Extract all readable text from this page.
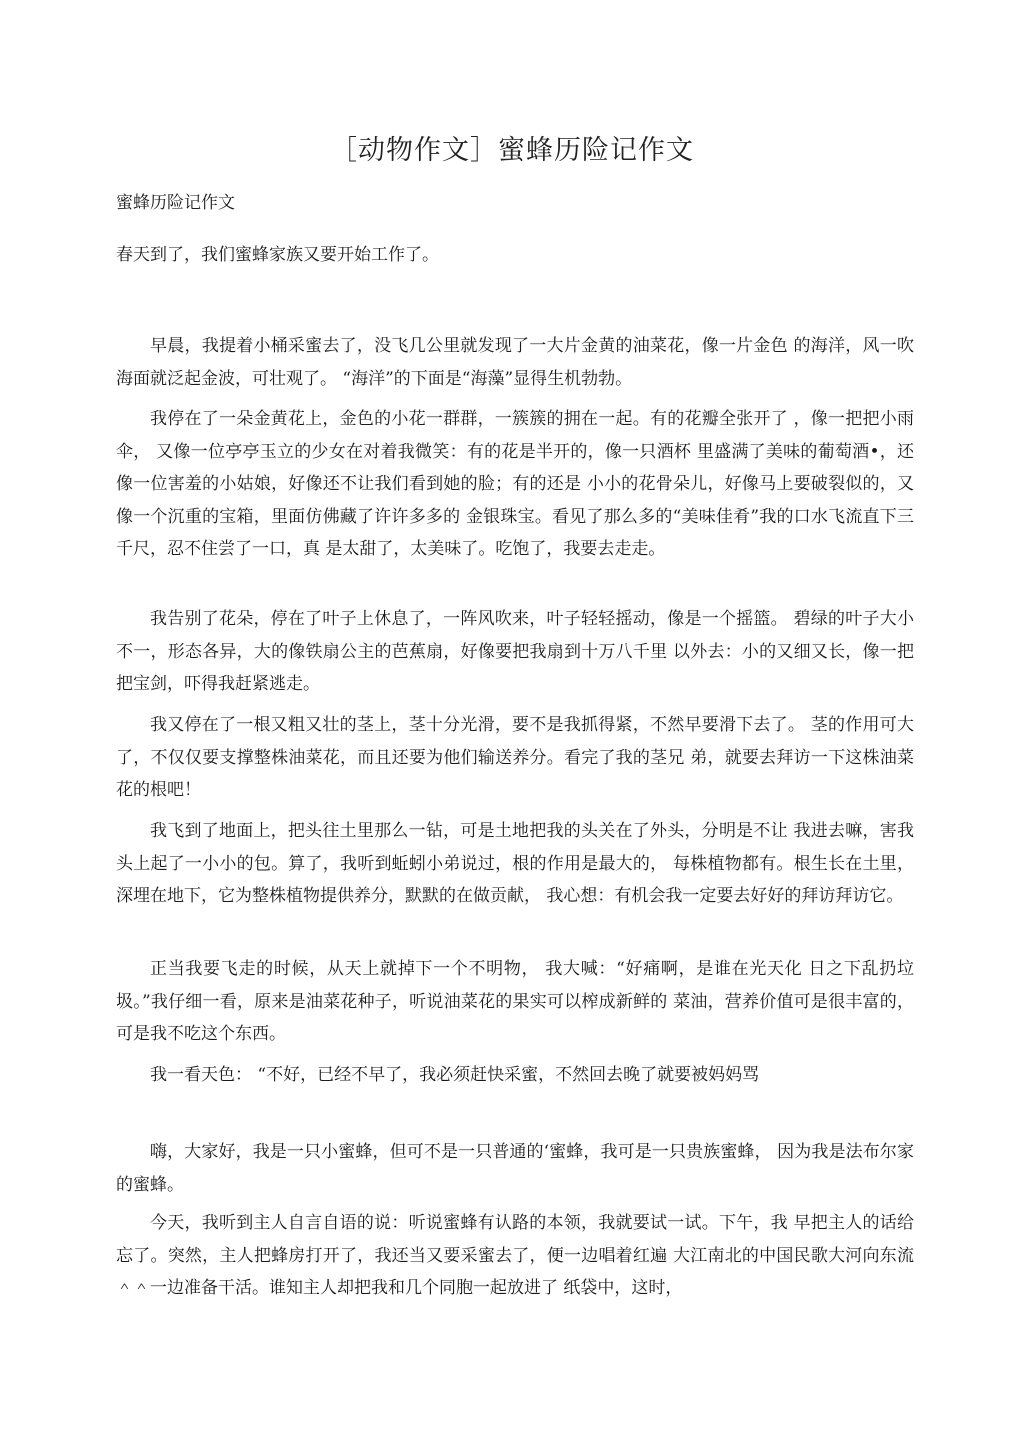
［动物作文］蜜蜂历险记作文

蜜蜂历险记作文

春天到了，我们蜜蜂家族又要开始工作了。

早晨，我提着小桶采蜜去了，没飞几公里就发现了一大片金黄的油菜花，像一片金色 的海洋，风一吹海面就泛起金波，可壮观了。 “海洋”的下面是“海藻”显得生机勃勃。

我停在了一朵金黄花上，金色的小花一群群，一簇簇的拥在一起。有的花瓣全张开了 ，像一把把小雨伞， 又像一位亭亭玉立的少女在对着我微笑：有的花是半开的，像一只酒杯 里盛满了美味的葡萄酒•，还像一位害羞的小姑娘，好像还不让我们看到她的脸；有的还是 小小的花骨朵儿，好像马上要破裂似的，又像一个沉重的宝箱，里面仿佛藏了许许多多的 金银珠宝。看见了那么多的“美味佳肴”我的口水飞流直下三千尺，忍不住尝了一口，真 是太甜了，太美味了。吃饱了，我要去走走。

我告别了花朵，停在了叶子上休息了，一阵风吹来，叶子轻轻摇动，像是一个摇篮。 碧绿的叶子大小不一，形态各异，大的像铁扇公主的芭蕉扇，好像要把我扇到十万八千里 以外去：小的又细又长，像一把把宝剑，吓得我赶紧逃走。

我又停在了一根又粗又壮的茎上，茎十分光滑，要不是我抓得紧，不然早要滑下去了。 茎的作用可大了，不仅仅要支撑整株油菜花，而且还要为他们输送养分。看完了我的茎兄 弟，就要去拜访一下这株油菜花的根吧！

我飞到了地面上，把头往土里那么一钻，可是土地把我的头关在了外头，分明是不让 我进去嘛，害我头上起了一小小的包。算了，我听到蚯蚓小弟说过，根的作用是最大的， 每株植物都有。根生长在土里，深埋在地下，它为整株植物提供养分，默默的在做贡献， 我心想：有机会我一定要去好好的拜访拜访它。

正当我要飞走的时候，从天上就掉下一个不明物， 我大喊：“好痛啊，是谁在光天化 日之下乱扔垃圾。”我仔细一看，原来是油菜花种子，听说油菜花的果实可以榨成新鲜的 菜油，营养价值可是很丰富的，可是我不吃这个东西。

我一看天色： “不好，已经不早了，我必须赶快采蜜，不然回去晚了就要被妈妈骂

嗨，大家好，我是一只小蜜蜂，但可不是一只普通的‘蜜蜂，我可是一只贵族蜜蜂， 因为我是法布尔家的蜜蜂。

今天，我听到主人自言自语的说：听说蜜蜂有认路的本领，我就要试一试。下午，我 早把主人的话给忘了。突然，主人把蜂房打开了，我还当又要采蜜去了，便一边唱着红遍 大江南北的中国民歌大河向东流＾＾一边准备干活。谁知主人却把我和几个同胞一起放进了 纸袋中，这时，
